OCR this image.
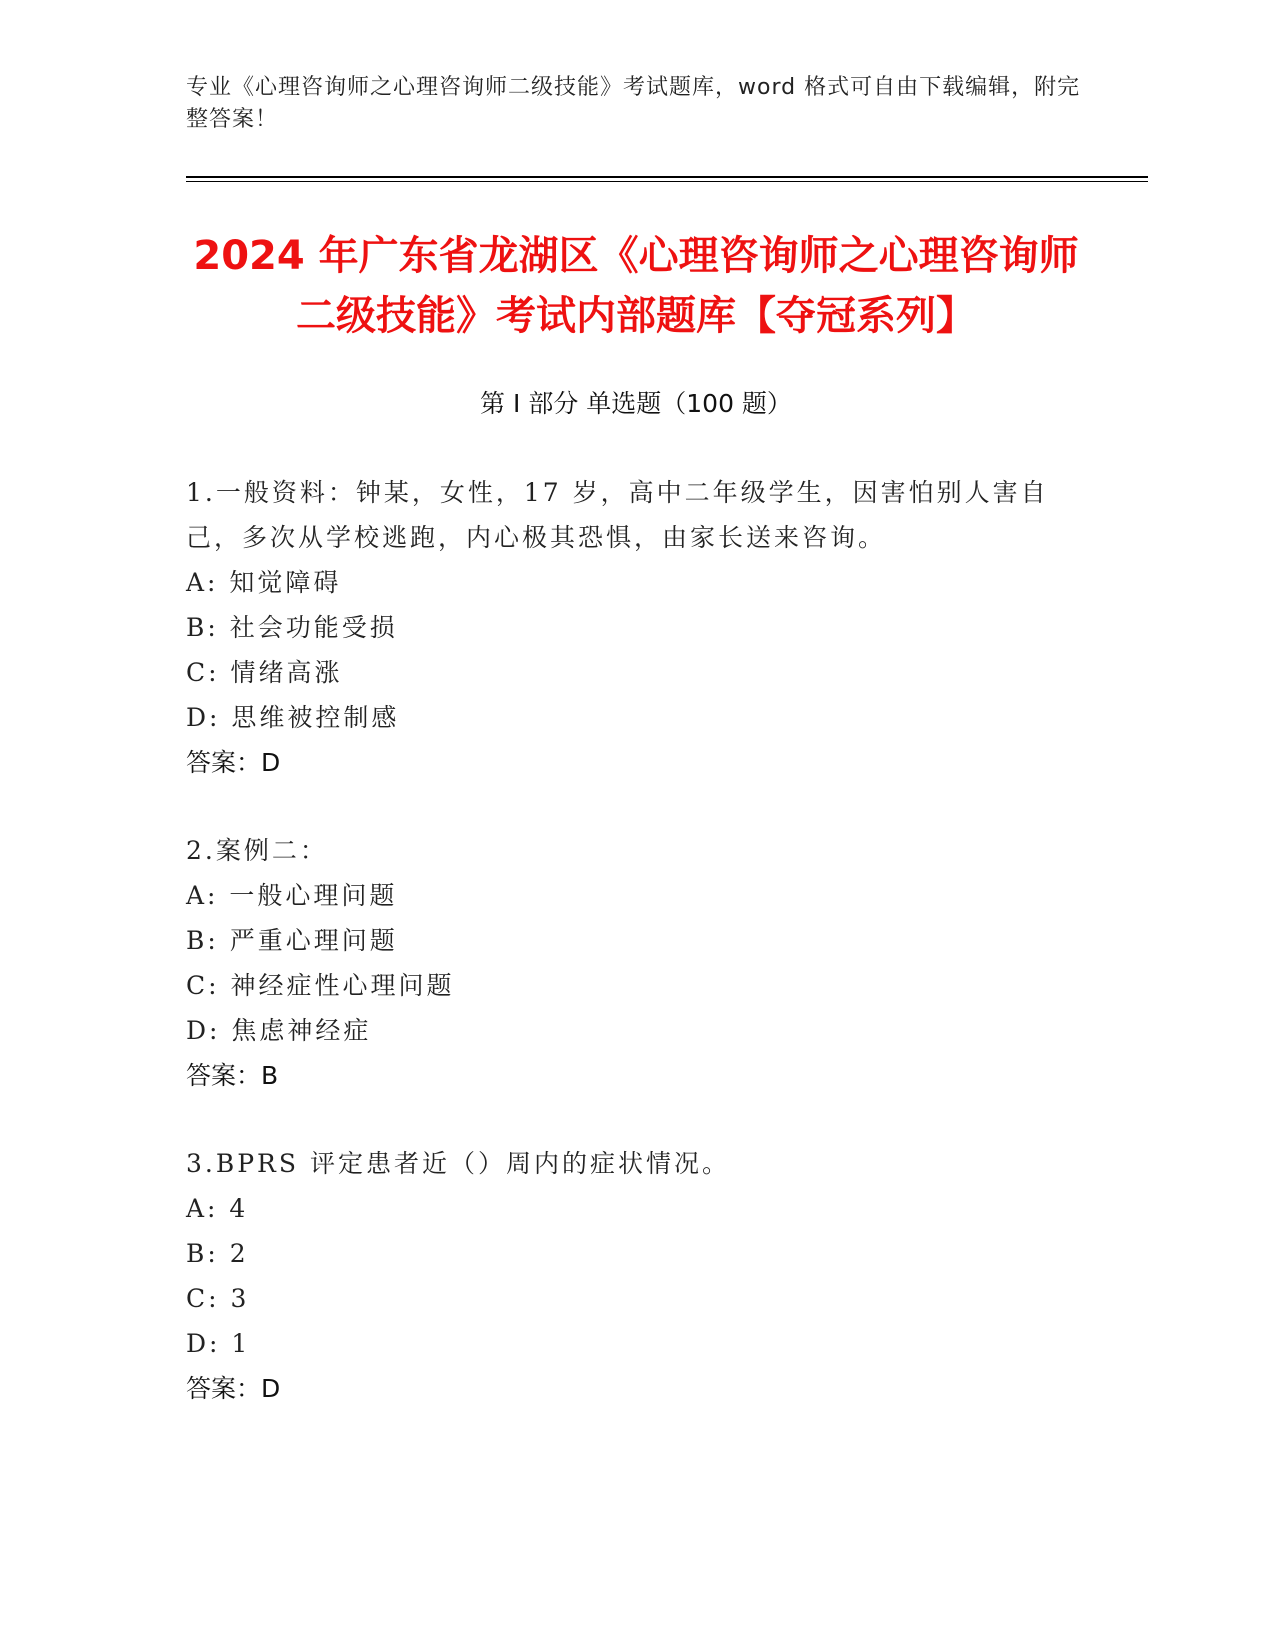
专业《心理咨询师之心理咨询师二级技能》考试题库，word 格式可自由下载编辑，附完整答案！
2024 年广东省龙湖区《心理咨询师之心理咨询师二级技能》考试内部题库【夺冠系列】
第 I 部分 单选题（100 题）
1.一般资料：钟某，女性，17 岁，高中二年级学生，因害怕别人害自己，多次从学校逃跑，内心极其恐惧，由家长送来咨询。
A: 知觉障碍
B: 社会功能受损
C: 情绪高涨
D: 思维被控制感
答案：D
2.案例二：
A: 一般心理问题
B: 严重心理问题
C: 神经症性心理问题
D: 焦虑神经症
答案：B
3.BPRS 评定患者近（）周内的症状情况。
A: 4
B: 2
C: 3
D: 1
答案：D
